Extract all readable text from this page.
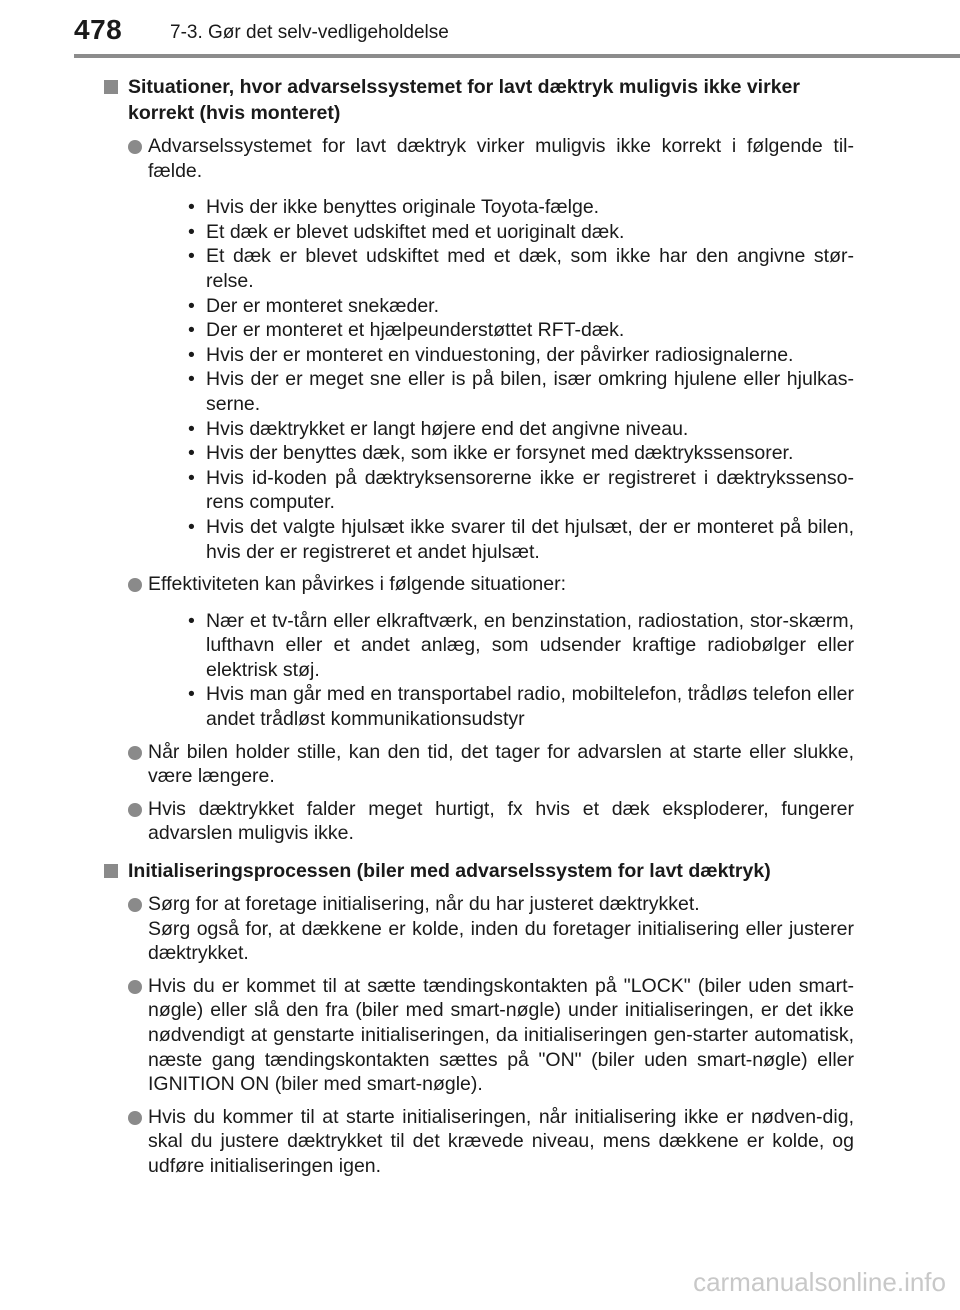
478	7-3. Gør det selv-vedligeholdelse

Situationer, hvor advarselssystemet for lavt dæktryk muligvis ikke virker korrekt (hvis monteret)

Advarselssystemet for lavt dæktryk virker muligvis ikke korrekt i følgende til-fælde.

• Hvis der ikke benyttes originale Toyota-fælge.
• Et dæk er blevet udskiftet med et uoriginalt dæk.
• Et dæk er blevet udskiftet med et dæk, som ikke har den angivne stør-relse.
• Der er monteret snekæder.
• Der er monteret et hjælpeunderstøttet RFT-dæk.
• Hvis der er monteret en vinduestoning, der påvirker radiosignalerne.
• Hvis der er meget sne eller is på bilen, især omkring hjulene eller hjulkas-serne.
• Hvis dæktrykket er langt højere end det angivne niveau.
• Hvis der benyttes dæk, som ikke er forsynet med dæktrykssensorer.
• Hvis id-koden på dæktryksensorerne ikke er registreret i dæktrykssenso-rens computer.
• Hvis det valgte hjulsæt ikke svarer til det hjulsæt, der er monteret på bilen, hvis der er registreret et andet hjulsæt.

Effektiviteten kan påvirkes i følgende situationer:

• Nær et tv-tårn eller elkraftværk, en benzinstation, radiostation, stor-skærm, lufthavn eller et andet anlæg, som udsender kraftige radiobølger eller elektrisk støj.
• Hvis man går med en transportabel radio, mobiltelefon, trådløs telefon eller andet trådløst kommunikationsudstyr

Når bilen holder stille, kan den tid, det tager for advarslen at starte eller slukke, være længere.

Hvis dæktrykket falder meget hurtigt, fx hvis et dæk eksploderer, fungerer advarslen muligvis ikke.

Initialiseringsprocessen (biler med advarselssystem for lavt dæktryk)

Sørg for at foretage initialisering, når du har justeret dæktrykket.
Sørg også for, at dækkene er kolde, inden du foretager initialisering eller justerer dæktrykket.

Hvis du er kommet til at sætte tændingskontakten på "LOCK" (biler uden smart-nøgle) eller slå den fra (biler med smart-nøgle) under initialiseringen, er det ikke nødvendigt at genstarte initialiseringen, da initialiseringen gen-starter automatisk, næste gang tændingskontakten sættes på "ON" (biler uden smart-nøgle) eller IGNITION ON (biler med smart-nøgle).

Hvis du kommer til at starte initialiseringen, når initialisering ikke er nødven-dig, skal du justere dæktrykket til det krævede niveau, mens dækkene er kolde, og udføre initialiseringen igen.

carmanualsonline.info
